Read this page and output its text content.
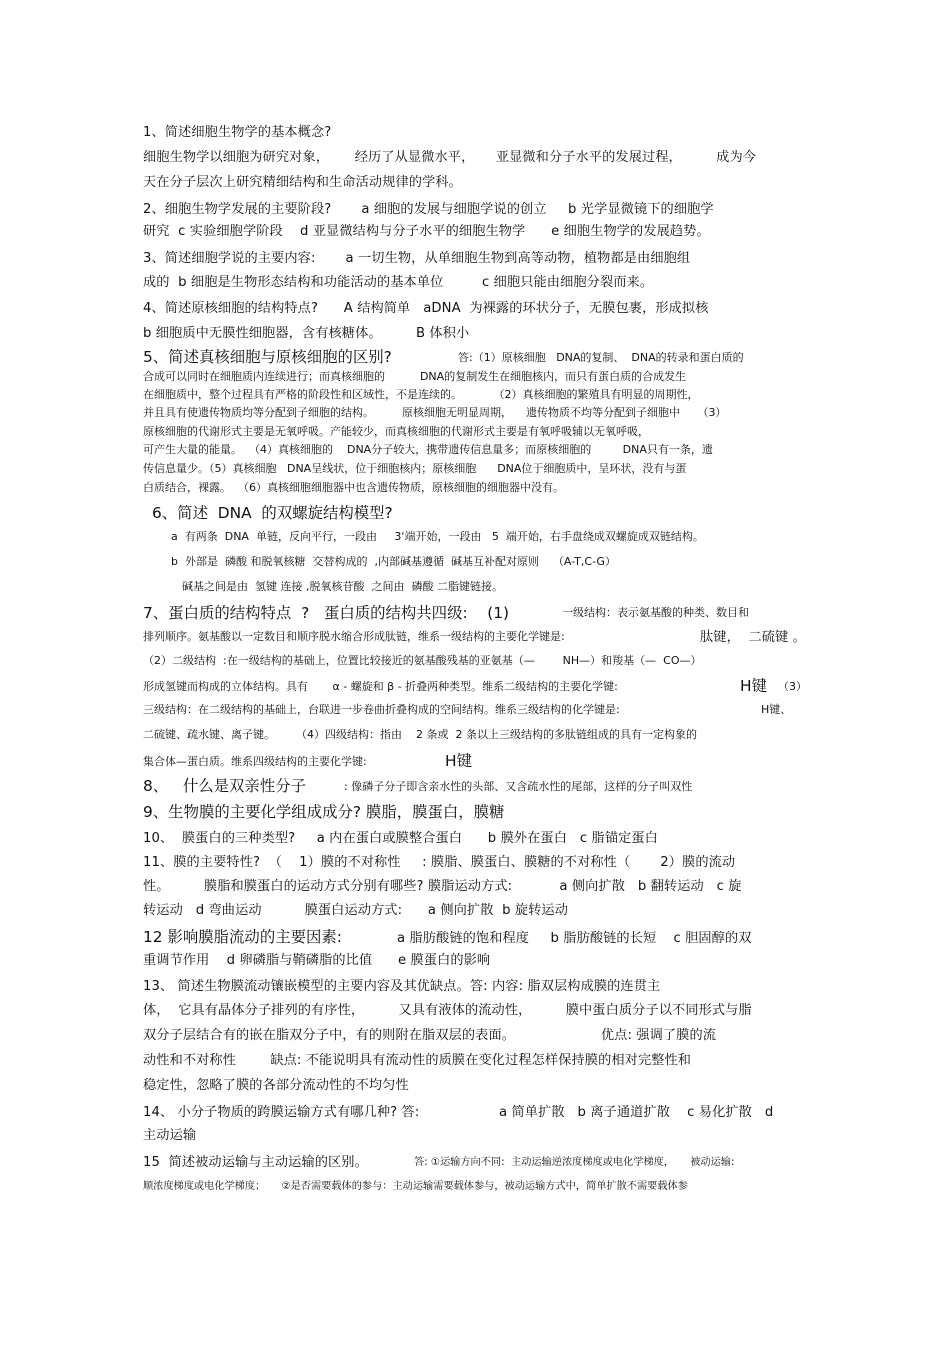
1、简述细胞生物学的基本概念?

细胞生物学以细胞为研究对象，      经历了从显微水平，     亚显微和分子水平的发展过程，        成为今

天在分子层次上研究精细结构和生命活动规律的学科。

2、细胞生物学发展的主要阶段?       a 细胞的发展与细胞学说的创立     b 光学显微镜下的细胞学

研究  c 实验细胞学阶段    d 亚显微结构与分子水平的细胞生物学      e 细胞生物学的发展趋势。

3、简述细胞学说的主要内容:       a 一切生物，从单细胞生物到高等动物，植物都是由细胞组

成的  b 细胞是生物形态结构和功能活动的基本单位         c 细胞只能由细胞分裂而来。

4、简述原核细胞的结构特点?      A 结构简单   aDNA  为裸露的环状分子，无膜包裹，形成拟核

b 细胞质中无膜性细胞器，含有核糖体。        B 体积小

5、简述真核细胞与原核细胞的区别?	答:（1）原核细胞   DNA的复制、  DNA的转录和蛋白质的

合成可以同时在细胞质内连续进行；而真核细胞的          DNA的复制发生在细胞核内，而只有蛋白质的合成发生

在细胞质中，整个过程具有严格的阶段性和区域性，不是连续的。         （2）真核细胞的繁殖具有明显的周期性，

并且具有使遗传物质均等分配到子细胞的结构。        原核细胞无明显周期，    遗传物质不均等分配到子细胞中     （3）

原核细胞的代谢形式主要是无氧呼吸。产能较少，而真核细胞的代谢形式主要是有氧呼吸辅以无氧呼吸，

可产生大量的能量。  （4）真核细胞的    DNA分子较大，携带遗传信息量多；而原核细胞的         DNA只有一条，遗

传信息量少。（5）真核细胞   DNA呈线状，位于细胞核内；原核细胞      DNA位于细胞质中，呈环状，没有与蛋

白质结合，裸露。  （6）真核细胞细胞器中也含遗传物质，原核细胞的细胞器中没有。

6、简述  DNA  的双螺旋结构模型?

a  有两条  DNA  单链，反向平行，一段由     3'端开始，一段由   5  端开始，右手盘绕成双螺旋成双链结构。

b  外部是  磷酸 和脱氧核糖  交替构成的  ,内部碱基遵循  碱基互补配对原则    （A-T,C-G）

碱基之间是由  氢键 连接 ,脱氧核苷酸  之间由  磷酸 二脂键链接。

7、蛋白质的结构特点  ?   蛋白质的结构共四级:    (1)	一级结构：表示氨基酸的种类、数目和

排列顺序。氨基酸以一定数目和顺序脱水缩合形成肽链，维系一级结构的主要化学键是:	肽键，  二硫键 。

（2）二级结构  :在一级结构的基础上，位置比较接近的氨基酸残基的亚氨基（—        NH—）和羧基（—  CO—）

形成氢键而构成的立体结构。具有       α - 螺旋和 β - 折叠两种类型。维系二级结构的主要化学键:	H键 （3）

三级结构：在二级结构的基础上，台联进一步卷曲折叠构成的空间结构。维系三级结构的化学键是:	H键、

二硫键、疏水键、离子键。      （4）四级结构：指由    2 条或  2 条以上三级结构的多肽链组成的具有一定构象的

集合体—蛋白质。维系四级结构的主要化学键:	H键

8、   什么是双亲性分子	: 像磷子分子即含亲水性的头部、又含疏水性的尾部，这样的分子叫双性

9、生物膜的主要化学组成成分? 膜脂，膜蛋白，膜糖

10、  膜蛋白的三种类型?     a 内在蛋白或膜整合蛋白      b 膜外在蛋白   c 脂锚定蛋白

11、膜的主要特性?  （    1）膜的不对称性     : 膜脂、膜蛋白、膜糖的不对称性（       2）膜的流动

性。        膜脂和膜蛋白的运动方式分别有哪些? 膜脂运动方式:           a 侧向扩散   b 翻转运动   c 旋

转运动   d 弯曲运动          膜蛋白运动方式:      a 侧向扩散  b 旋转运动

12 影响膜脂流动的主要因素:	a 脂肪酸链的饱和程度     b 脂肪酸链的长短    c 胆固醇的双

重调节作用    d 卵磷脂与鞘磷脂的比值      e 膜蛋白的影响

13、 简述生物膜流动镶嵌模型的主要内容及其优缺点。答: 内容: 脂双层构成膜的连贯主

体，  它具有晶体分子排列的有序性，        又具有液体的流动性，        膜中蛋白质分子以不同形式与脂

双分子层结合有的嵌在脂双分子中，有的则附在脂双层的表面。                    优点: 强调了膜的流

动性和不对称性        缺点: 不能说明具有流动性的质膜在变化过程怎样保持膜的相对完整性和

稳定性，忽略了膜的各部分流动性的不均匀性

14、 小分子物质的跨膜运输方式有哪几种? 答:	a 简单扩散   b 离子通道扩散    c 易化扩散   d

主动运输

15  简述被动运输与主动运输的区别。	答: ①运输方向不同:  主动运输逆浓度梯度或电化学梯度，     被动运输:

顺浓度梯度或电化学梯度；     ②是否需要载体的参与：主动运输需要载体参与，被动运输方式中，简单扩散不需要载体参
